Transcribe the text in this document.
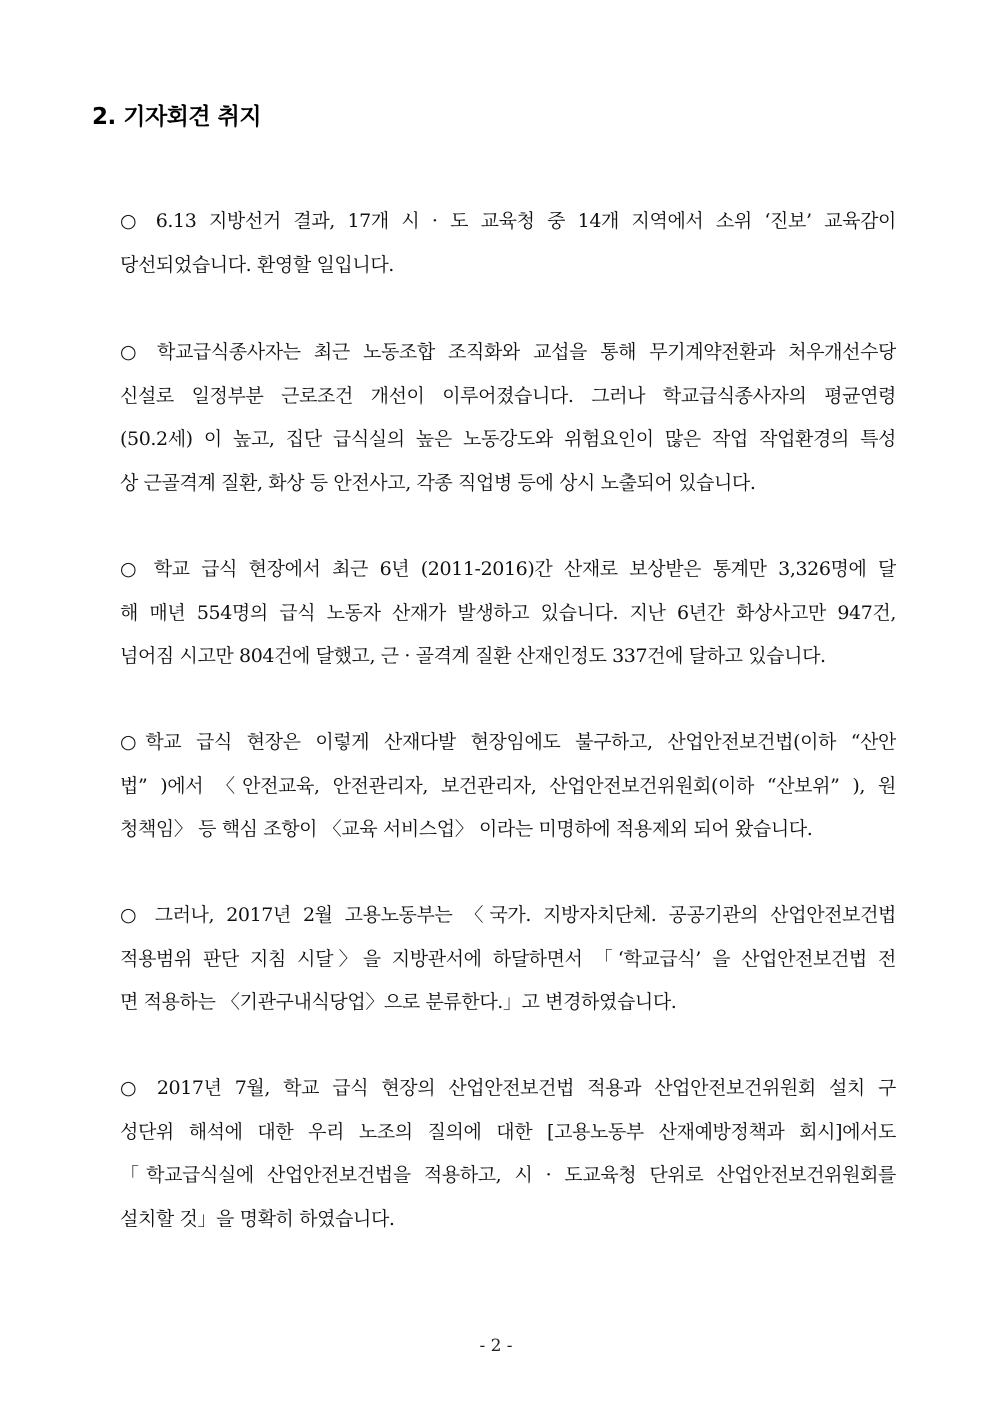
2. 기자회견 취지
○ 6.13 지방선거 결과, 17개 시 · 도 교육청 중 14개 지역에서 소위 ‘진보’ 교육감이
당선되었습니다. 환영할 일입니다.
○ 학교급식종사자는 최근 노동조합 조직화와 교섭을 통해 무기계약전환과 처우개선수당
신설로 일정부분 근로조건 개선이 이루어졌습니다. 그러나 학교급식종사자의 평균연령
(50.2세) 이 높고, 집단 급식실의 높은 노동강도와 위험요인이 많은 작업 작업환경의 특성
상 근골격계 질환, 화상 등 안전사고, 각종 직업병 등에 상시 노출되어 있습니다.
○ 학교 급식 현장에서 최근 6년 (2011-2016)간 산재로 보상받은 통계만 3,326명에 달
해 매년 554명의 급식 노동자 산재가 발생하고 있습니다. 지난 6년간 화상사고만 947건,
넘어짐 시고만 804건에 달했고, 근 · 골격계 질환 산재인정도 337건에 달하고 있습니다.
○학교 급식 현장은 이렇게 산재다발 현장임에도 불구하고, 산업안전보건법(이하 “산안
법” )에서 〈안전교육, 안전관리자, 보건관리자, 산업안전보건위원회(이하 “산보위” ), 원
청책임〉 등 핵심 조항이 〈교육 서비스업〉 이라는 미명하에 적용제외 되어 왔습니다.
○ 그러나, 2017년 2월 고용노동부는 〈국가. 지방자치단체. 공공기관의 산업안전보건법
적용범위 판단 지침 시달〉을 지방관서에 하달하면서 「‘학교급식’ 을 산업안전보건법 전
면 적용하는 〈기관구내식당업〉으로 분류한다.」고 변경하였습니다.
○ 2017년 7월, 학교 급식 현장의 산업안전보건법 적용과 산업안전보건위원회 설치 구
성단위 해석에 대한 우리 노조의 질의에 대한 [고용노동부 산재예방정책과 회시]에서도
「학교급식실에 산업안전보건법을 적용하고, 시 · 도교육청 단위로 산업안전보건위원회를
설치할 것」을 명확히 하였습니다.
- 2 -
